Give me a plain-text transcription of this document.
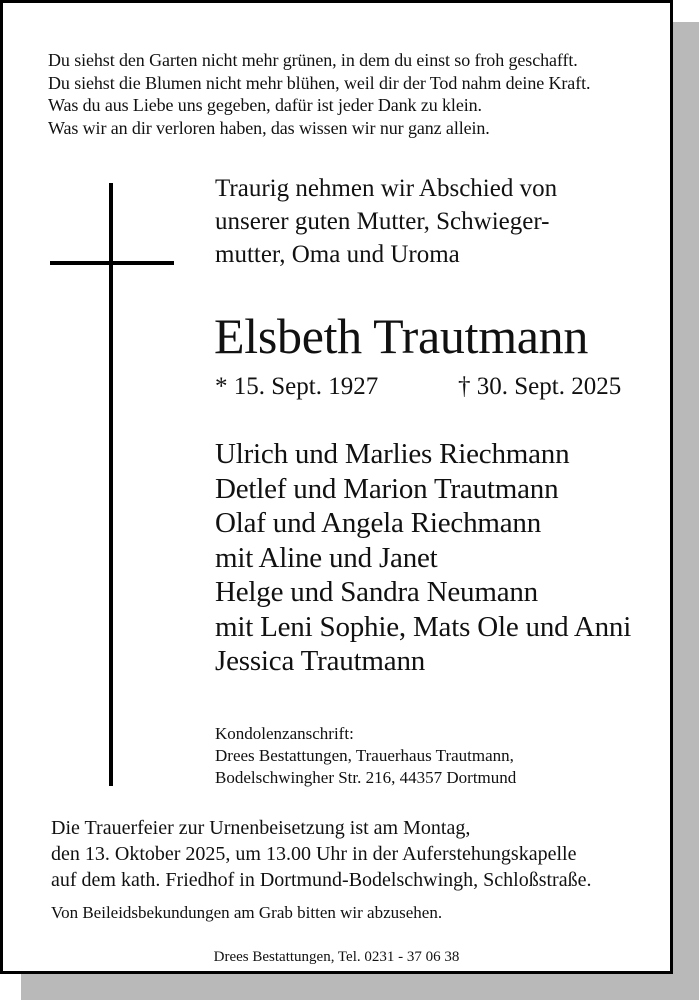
Du siehst den Garten nicht mehr grünen, in dem du einst so froh geschafft.
Du siehst die Blumen nicht mehr blühen, weil dir der Tod nahm deine Kraft.
Was du aus Liebe uns gegeben, dafür ist jeder Dank zu klein.
Was wir an dir verloren haben, das wissen wir nur ganz allein.
Traurig nehmen wir Abschied von
unserer guten Mutter, Schwieger-
mutter, Oma und Uroma
Elsbeth Trautmann
* 15. Sept. 1927	† 30. Sept. 2025
Ulrich und Marlies Riechmann
Detlef und Marion Trautmann
Olaf und Angela Riechmann
mit Aline und Janet
Helge und Sandra Neumann
mit Leni Sophie, Mats Ole und Anni
Jessica Trautmann
Kondolenzanschrift:
Drees Bestattungen, Trauerhaus Trautmann,
Bodelschwingher Str. 216, 44357 Dortmund
Die Trauerfeier zur Urnenbeisetzung ist am Montag,
den 13. Oktober 2025, um 13.00 Uhr in der Auferstehungskapelle
auf dem kath. Friedhof in Dortmund-Bodelschwingh, Schloßstraße.
Von Beileidsbekundungen am Grab bitten wir abzusehen.
Drees Bestattungen, Tel. 0231 - 37 06 38
